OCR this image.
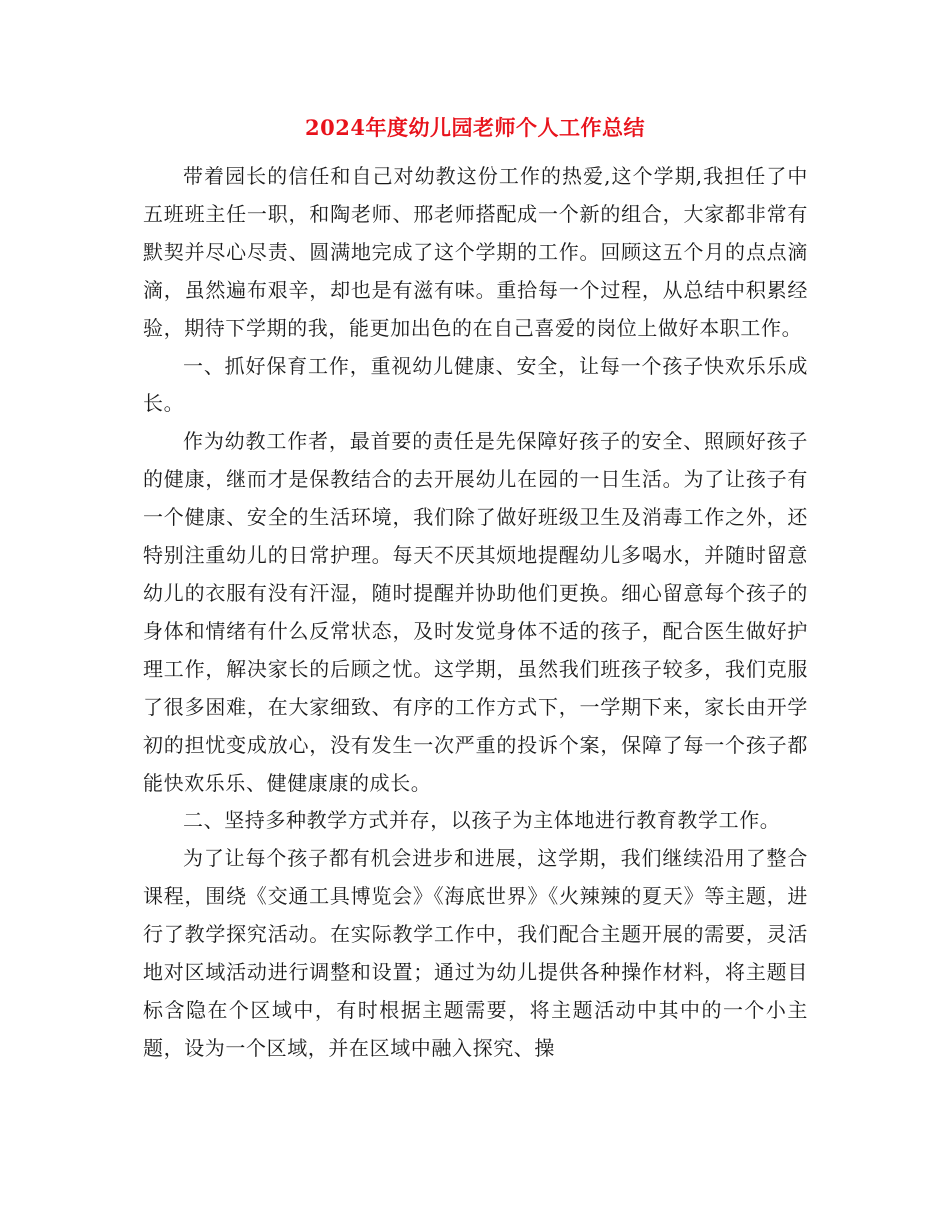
2024年度幼儿园老师个人工作总结

带着园长的信任和自己对幼教这份工作的热爱,这个学期,我担任了中五班班主任一职，和陶老师、邢老师搭配成一个新的组合，大家都非常有默契并尽心尽责、圆满地完成了这个学期的工作。回顾这五个月的点点滴滴，虽然遍布艰辛，却也是有滋有味。重拾每一个过程，从总结中积累经验，期待下学期的我，能更加出色的在自己喜爱的岗位上做好本职工作。

一、抓好保育工作，重视幼儿健康、安全，让每一个孩子快欢乐乐成长。

作为幼教工作者，最首要的责任是先保障好孩子的安全、照顾好孩子的健康，继而才是保教结合的去开展幼儿在园的一日生活。为了让孩子有一个健康、安全的生活环境，我们除了做好班级卫生及消毒工作之外，还特别注重幼儿的日常护理。每天不厌其烦地提醒幼儿多喝水，并随时留意幼儿的衣服有没有汗湿，随时提醒并协助他们更换。细心留意每个孩子的身体和情绪有什么反常状态，及时发觉身体不适的孩子，配合医生做好护理工作，解决家长的后顾之忧。这学期，虽然我们班孩子较多，我们克服了很多困难，在大家细致、有序的工作方式下，一学期下来，家长由开学初的担忧变成放心，没有发生一次严重的投诉个案，保障了每一个孩子都能快欢乐乐、健健康康的成长。

二、坚持多种教学方式并存，以孩子为主体地进行教育教学工作。

为了让每个孩子都有机会进步和进展，这学期，我们继续沿用了整合课程，围绕《交通工具博览会》《海底世界》《火辣辣的夏天》等主题，进行了教学探究活动。在实际教学工作中，我们配合主题开展的需要，灵活地对区域活动进行调整和设置；通过为幼儿提供各种操作材料，将主题目标含隐在个区域中，有时根据主题需要，将主题活动中其中的一个小主题，设为一个区域，并在区域中融入探究、操
